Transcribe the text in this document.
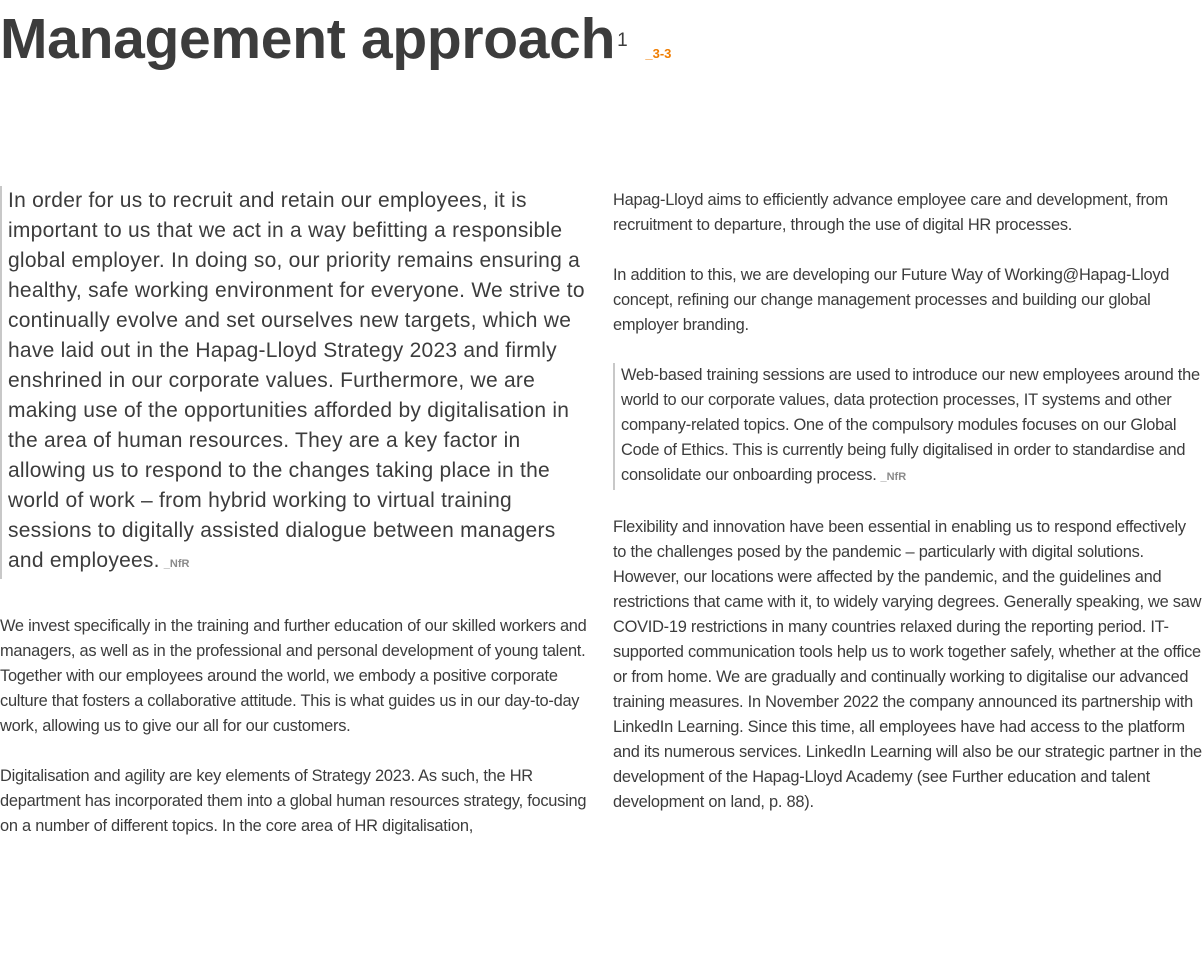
Management approach $^1$_3-3

In order for us to recruit and retain our employees, it is important to us that we act in a way befitting a responsible global employer. In doing so, our priority remains ensuring a healthy, safe working environment for everyone. We strive to continually evolve and set ourselves new targets, which we have laid out in the Hapag-Lloyd Strategy 2023 and firmly enshrined in our corporate values. Furthermore, we are making use of the opportunities afforded by digitalisation in the area of human resources. They are a key factor in allowing us to respond to the changes taking place in the world of work – from hybrid working to virtual training sessions to digitally assisted dialogue between managers and employees. _NfR

We invest specifically in the training and further education of our skilled workers and managers, as well as in the professional and personal development of young talent. Together with our employees around the world, we embody a positive corporate culture that fosters a collaborative attitude. This is what guides us in our day-to-day work, allowing us to give our all for our customers.

Digitalisation and agility are key elements of Strategy 2023. As such, the HR department has incorporated them into a global human resources strategy, focusing on a number of different topics. In the core area of HR digitalisation,

Hapag-Lloyd aims to efficiently advance employee care and development, from recruitment to departure, through the use of digital HR processes.

In addition to this, we are developing our Future Way of Working@Hapag-Lloyd concept, refining our change management processes and building our global employer branding.

Web-based training sessions are used to introduce our new employees around the world to our corporate values, data protection processes, IT systems and other company-related topics. One of the compulsory modules focuses on our Global Code of Ethics. This is currently being fully digitalised in order to standardise and consolidate our onboarding process. _NfR

Flexibility and innovation have been essential in enabling us to respond effectively to the challenges posed by the pandemic – particularly with digital solutions. However, our locations were affected by the pandemic, and the guidelines and restrictions that came with it, to widely varying degrees. Generally speaking, we saw COVID-19 restrictions in many countries relaxed during the reporting period. IT-supported communication tools help us to work together safely, whether at the office or from home. We are gradually and continually working to digitalise our advanced training measures. In November 2022 the company announced its partnership with LinkedIn Learning. Since this time, all employees have had access to the platform and its numerous services. LinkedIn Learning will also be our strategic partner in the development of the Hapag-Lloyd Academy (see Further education and talent development on land, p. 88).
